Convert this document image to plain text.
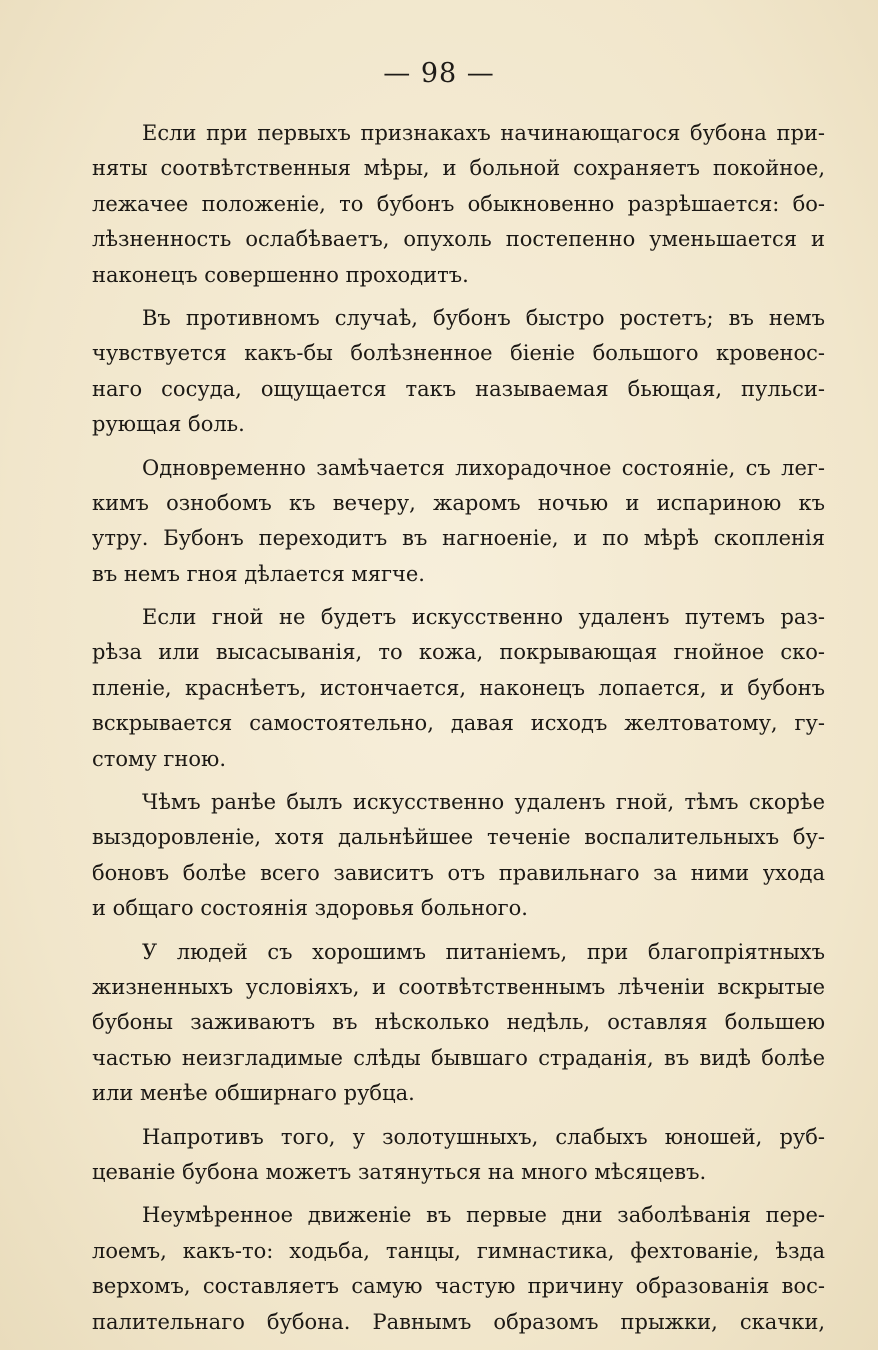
— 98 —
Если при первыхъ признакахъ начинающагося бубона при-
няты соотвѣтственныя мѣры, и больной сохраняетъ покойное,
лежачее положеніе, то бубонъ обыкновенно разрѣшается: бо-
лѣзненность ослабѣваетъ, опухоль постепенно уменьшается и
наконецъ совершенно проходитъ.
Въ противномъ случаѣ, бубонъ быстро ростетъ; въ немъ
чувствуется какъ-бы болѣзненное біеніе большого кровенос-
наго сосуда, ощущается такъ называемая бьющая, пульси-
рующая боль.
Одновременно замѣчается лихорадочное состояніе, съ лег-
кимъ ознобомъ къ вечеру, жаромъ ночью и испариною къ
утру. Бубонъ переходитъ въ нагноеніе, и по мѣрѣ скопленія
въ немъ гноя дѣлается мягче.
Если гной не будетъ искусственно удаленъ путемъ раз-
рѣза или высасыванія, то кожа, покрывающая гнойное ско-
пленіе, краснѣетъ, истончается, наконецъ лопается, и бубонъ
вскрывается самостоятельно, давая исходъ желтоватому, гу-
стому гною.
Чѣмъ ранѣе былъ искусственно удаленъ гной, тѣмъ скорѣе
выздоровленіе, хотя дальнѣйшее теченіе воспалительныхъ бу-
боновъ болѣе всего зависитъ отъ правильнаго за ними ухода
и общаго состоянія здоровья больного.
У людей съ хорошимъ питаніемъ, при благопріятныхъ
жизненныхъ условіяхъ, и соотвѣтственнымъ лѣченіи вскрытые
бубоны заживаютъ въ нѣсколько недѣль, оставляя большею
частью неизгладимые слѣды бывшаго страданія, въ видѣ болѣе
или менѣе обширнаго рубца.
Напротивъ того, у золотушныхъ, слабыхъ юношей, руб-
цеваніе бубона можетъ затянуться на много мѣсяцевъ.
Неумѣренное движеніе въ первые дни заболѣванія пере-
лоемъ, какъ-то: ходьба, танцы, гимнастика, фехтованіе, ѣзда
верхомъ, составляетъ самую частую причину образованія вос-
палительнаго бубона. Равнымъ образомъ прыжки, скачки,
